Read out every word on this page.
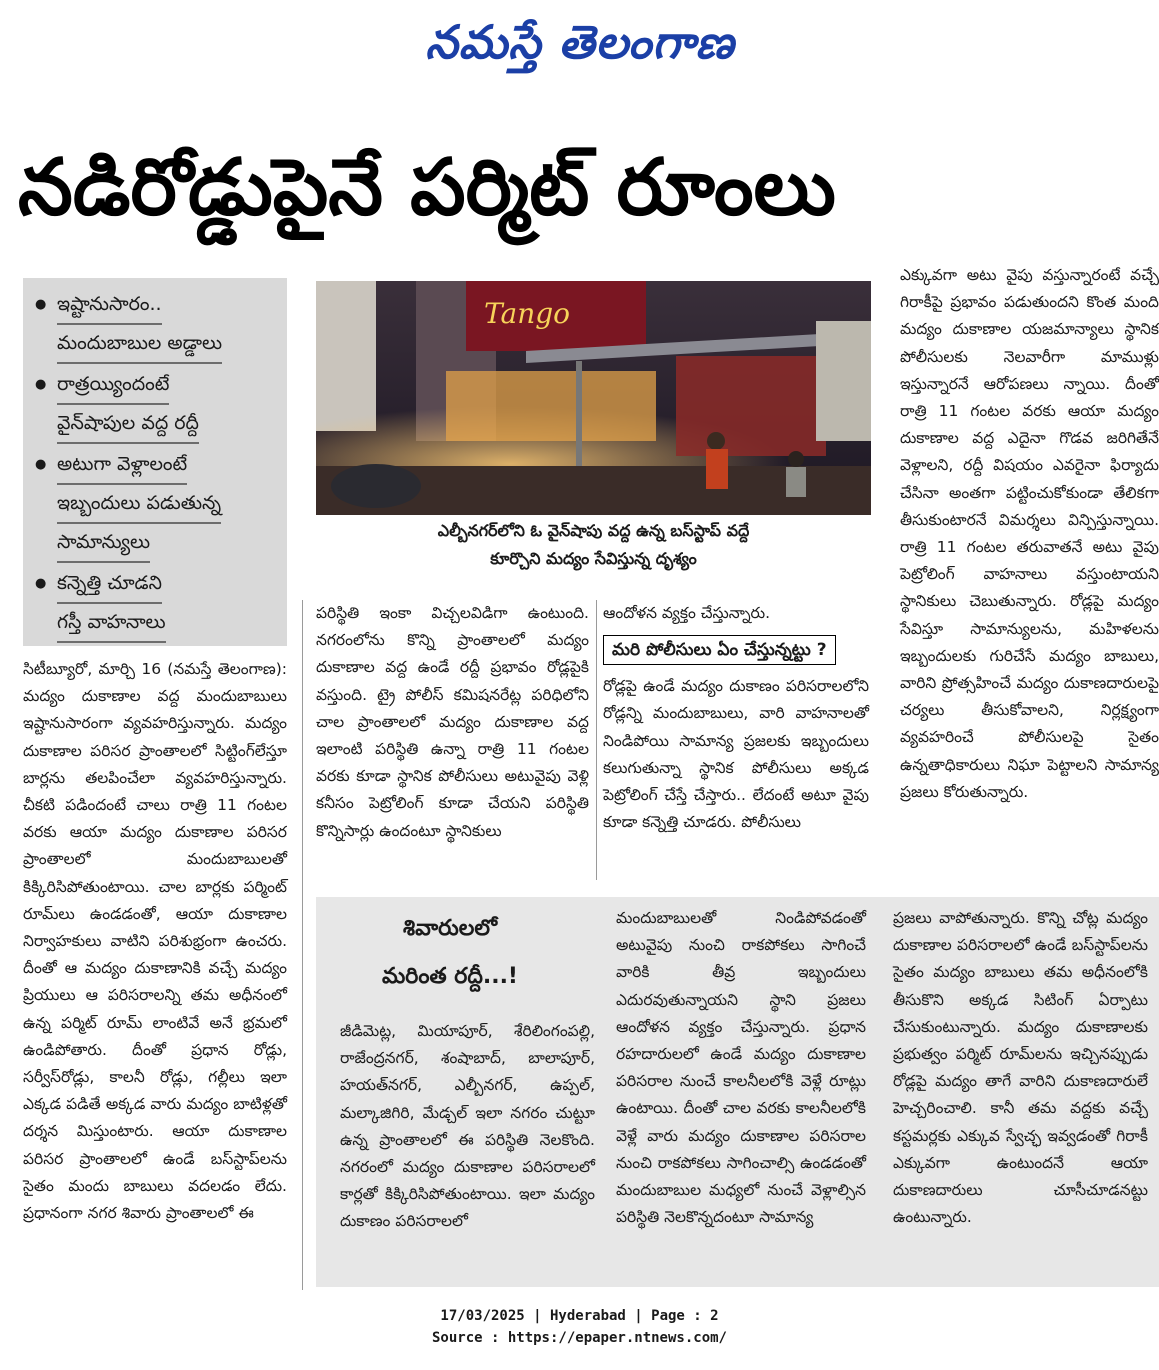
నమస్తే తెలంగాణ
నడిరోడ్డుపైనే పర్మిట్ రూంలు
● ఇష్టానుసారం..
మందుబాబుల అడ్డాలు
● రాత్రయ్యిందంటే
వైన్‌షాపుల వద్ద రద్దీ
● అటుగా వెళ్లాలంటే
ఇబ్బందులు పడుతున్న
సామాన్యులు
● కన్నెత్తి చూడని
గస్తీ వాహనాలు
Tango
ఎల్బీనగర్‌లోని ఓ వైన్‌షాపు వద్ద ఉన్న బస్‌స్టాప్ వద్దే
కూర్చొని మద్యం సేవిస్తున్న దృశ్యం

సిటీబ్యూరో, మార్చి 16 (నమస్తే తెలంగాణ): మద్యం దుకాణాల వద్ద మందుబాబులు ఇష్టానుసారంగా వ్యవహరిస్తున్నారు. మద్యం దుకాణాల పరిసర ప్రాంతాలలో సిట్టింగ్‌లేస్తూ బార్లను తలపించేలా వ్యవహరిస్తున్నారు. చీకటి పడిందంటే చాలు రాత్రి 11 గంటల వరకు ఆయా మద్యం దుకాణాల పరిసర ప్రాంతాలలో మందుబాబులతో కిక్కిరిసిపోతుంటాయి. చాల బార్లకు పర్మింట్ రూమ్‌లు ఉండడంతో, ఆయా దుకాణాల నిర్వాహకులు వాటిని పరిశుభ్రంగా ఉంచరు. దీంతో ఆ మద్యం దుకాణానికి వచ్చే మద్యం ప్రియులు ఆ పరిసరాలన్ని తమ అధీనంలో ఉన్న పర్మిట్ రూమ్ లాంటివే అనే భ్రమలో ఉండిపోతారు. దీంతో ప్రధాన రోడ్లు, సర్వీస్‌రోడ్లు, కాలనీ రోడ్లు, గల్లీలు ఇలా ఎక్కడ పడితే అక్కడ వారు మద్యం బాటిళ్లతో దర్శన మిస్తుంటారు. ఆయా దుకాణాల పరిసర ప్రాంతాలలో ఉండే బస్‌స్టాప్‌లను సైతం మందు బాబులు వదలడం లేదు. ప్రధానంగా నగర శివారు ప్రాంతాలలో ఈ

పరిస్థితి ఇంకా విచ్చలవిడిగా ఉంటుంది. నగరంలోను కొన్ని ప్రాంతాలలో మద్యం దుకాణాల వద్ద ఉండే రద్దీ ప్రభావం రోడ్లపైకి వస్తుంది. ట్రై పోలీస్ కమిషనరేట్ల పరిధిలోని చాల ప్రాంతాలలో మద్యం దుకాణాల వద్ద ఇలాంటి పరిస్థితి ఉన్నా రాత్రి 11 గంటల వరకు కూడా స్థానిక పోలీసులు అటువైపు వెళ్లి కనీసం పెట్రోలింగ్ కూడా చేయని పరిస్థితి కొన్నిసార్లు ఉందంటూ స్థానికులు

ఆందోళన వ్యక్తం చేస్తున్నారు.

మరి పోలీసులు ఏం చేస్తున్నట్టు ?

రోడ్లపై ఉండే మద్యం దుకాణం పరిసరాలలోని రోడ్లన్ని మందుబాబులు, వారి వాహనాలతో నిండిపోయి సామాన్య ప్రజలకు ఇబ్బందులు కలుగుతున్నా స్థానిక పోలీసులు అక్కడ పెట్రోలింగ్ చేస్తే చేస్తారు.. లేదంటే అటూ వైపు కూడా కన్నెత్తి చూడరు. పోలీసులు

ఎక్కువగా అటు వైపు వస్తున్నారంటే వచ్చే గిరాకీపై ప్రభావం పడుతుందని కొంత మంది మద్యం దుకాణాల యజమాన్యాలు స్థానిక పోలీసులకు నెలవారీగా మాముళ్లు ఇస్తున్నారనే ఆరోపణలు న్నాయి. దీంతో రాత్రి 11 గంటల వరకు ఆయా మద్యం దుకాణాల వద్ద ఎదైనా గొడవ జరిగితేనే వెళ్లాలని, రద్దీ విషయం ఎవరైనా ఫిర్యాదు చేసినా అంతగా పట్టించుకోకుండా తేలికగా తీసుకుంటారనే విమర్శలు విన్పిస్తున్నాయి. రాత్రి 11 గంటల తరువాతనే అటు వైపు పెట్రోలింగ్ వాహనాలు వస్తుంటాయని స్థానికులు చెబుతున్నారు. రోడ్లపై మద్యం సేవిస్తూ సామాన్యులను, మహిళలను ఇబ్బందులకు గురిచేసే మద్యం బాబులు, వారిని ప్రోత్సహించే మద్యం దుకాణదారులపై చర్యలు తీసుకోవాలని, నిర్లక్ష్యంగా వ్యవహరించే పోలీసులపై సైతం ఉన్నతాధికారులు నిఘా పెట్టాలని సామాన్య ప్రజలు కోరుతున్నారు.

శివారులలో
మరింత రద్దీ...!

జీడిమెట్ల, మియాపూర్, శేరిలింగంపల్లి, రాజేంద్రనగర్, శంషాబాద్, బాలాపూర్, హయత్‌నగర్, ఎల్బీనగర్, ఉప్పల్, మల్కాజిగిరి, మేడ్చల్ ఇలా నగరం చుట్టూ ఉన్న ప్రాంతాలలో ఈ పరిస్థితి నెలకొంది. నగరంలో మద్యం దుకాణాల పరిసరాలలో కార్లతో కిక్కిరిసిపోతుంటాయి. ఇలా మద్యం దుకాణం పరిసరాలలో

మందుబాబులతో నిండిపోవడంతో అటువైపు నుంచి రాకపోకలు సాగించే వారికి తీవ్ర ఇబ్బందులు ఎదురవుతున్నాయని స్థాని ప్రజలు ఆందోళన వ్యక్తం చేస్తున్నారు. ప్రధాన రహదారులలో ఉండే మద్యం దుకాణాల పరిసరాల నుంచే కాలనీలలోకి వెళ్లే రూట్లు ఉంటాయి. దీంతో చాల వరకు కాలనీలలోకి వెళ్లే వారు మద్యం దుకాణాల పరిసరాల నుంచి రాకపోకలు సాగించాల్సి ఉండడంతో మందుబాబుల మధ్యలో నుంచే వెళ్లాల్సిన పరిస్థితి నెలకొన్నదంటూ సామాన్య

ప్రజలు వాపోతున్నారు. కొన్ని చోట్ల మద్యం దుకాణాల పరిసరాలలో ఉండే బస్‌స్టాప్‌లను సైతం మద్యం బాబులు తమ అధీనంలోకి తీసుకొని అక్కడ సిటింగ్ ఏర్పాటు చేసుకుంటున్నారు. మద్యం దుకాణాలకు ప్రభుత్వం పర్మిట్ రూమ్‌లను ఇచ్చినప్పుడు రోడ్లపై మద్యం తాగే వారిని దుకాణదారులే హెచ్చరించాలి. కానీ తమ వద్దకు వచ్చే కస్టమర్లకు ఎక్కువ స్వేచ్ఛ ఇవ్వడంతో గిరాకీ ఎక్కువగా ఉంటుందనే ఆయా దుకాణదారులు చూసీచూడనట్టు ఉంటున్నారు.

17/03/2025 | Hyderabad | Page : 2
Source : https://epaper.ntnews.com/
